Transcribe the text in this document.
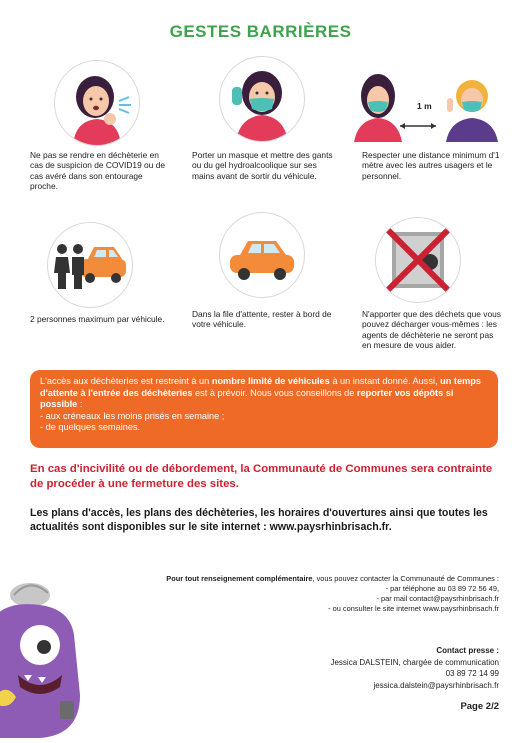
GESTES BARRIÈRES
1 m
Ne pas se rendre en déchèterie en cas de suspicion de COVID19 ou de cas avéré dans son entourage proche.
Porter un masque et mettre des gants ou du gel hydroalcoolique sur ses mains avant de sortir du véhicule.
Respecter une distance minimum d'1 mètre avec les autres usagers et le personnel.
2 personnes maximum par véhicule.	Dans la file d'attente, rester à bord de votre véhicule.
N'apporter que des déchets que vous pouvez décharger vous-mêmes : les agents de déchèterie ne seront pas en mesure de vous aider.
L'accès aux déchèteries est restreint à un nombre limité de véhicules à un instant donné. Aussi, un temps d'attente à l'entrée des déchèteries est à prévoir. Nous vous conseillons de reporter vos dépôts si possible :
- aux créneaux les moins prisés en semaine ;
- de quelques semaines.
En cas d'incivilité ou de débordement, la Communauté de Communes sera contrainte de procéder à une fermeture des sites.
Les plans d'accès, les plans des déchèteries, les horaires d'ouvertures ainsi que toutes les actualités sont disponibles sur le site internet : www.paysrhinbrisach.fr.
Pour tout renseignement complémentaire, vous pouvez contacter la Communauté de Communes :
- par téléphone au 03 89 72 56 49,
- par mail contact@paysrhinbrisach.fr
- ou consulter le site internet www.paysrhinbrisach.fr
Contact presse :
Jessica DALSTEIN, chargée de communication
03 89 72 14 99
jessica.dalstein@paysrhinbrisach.fr
Page 2/2
